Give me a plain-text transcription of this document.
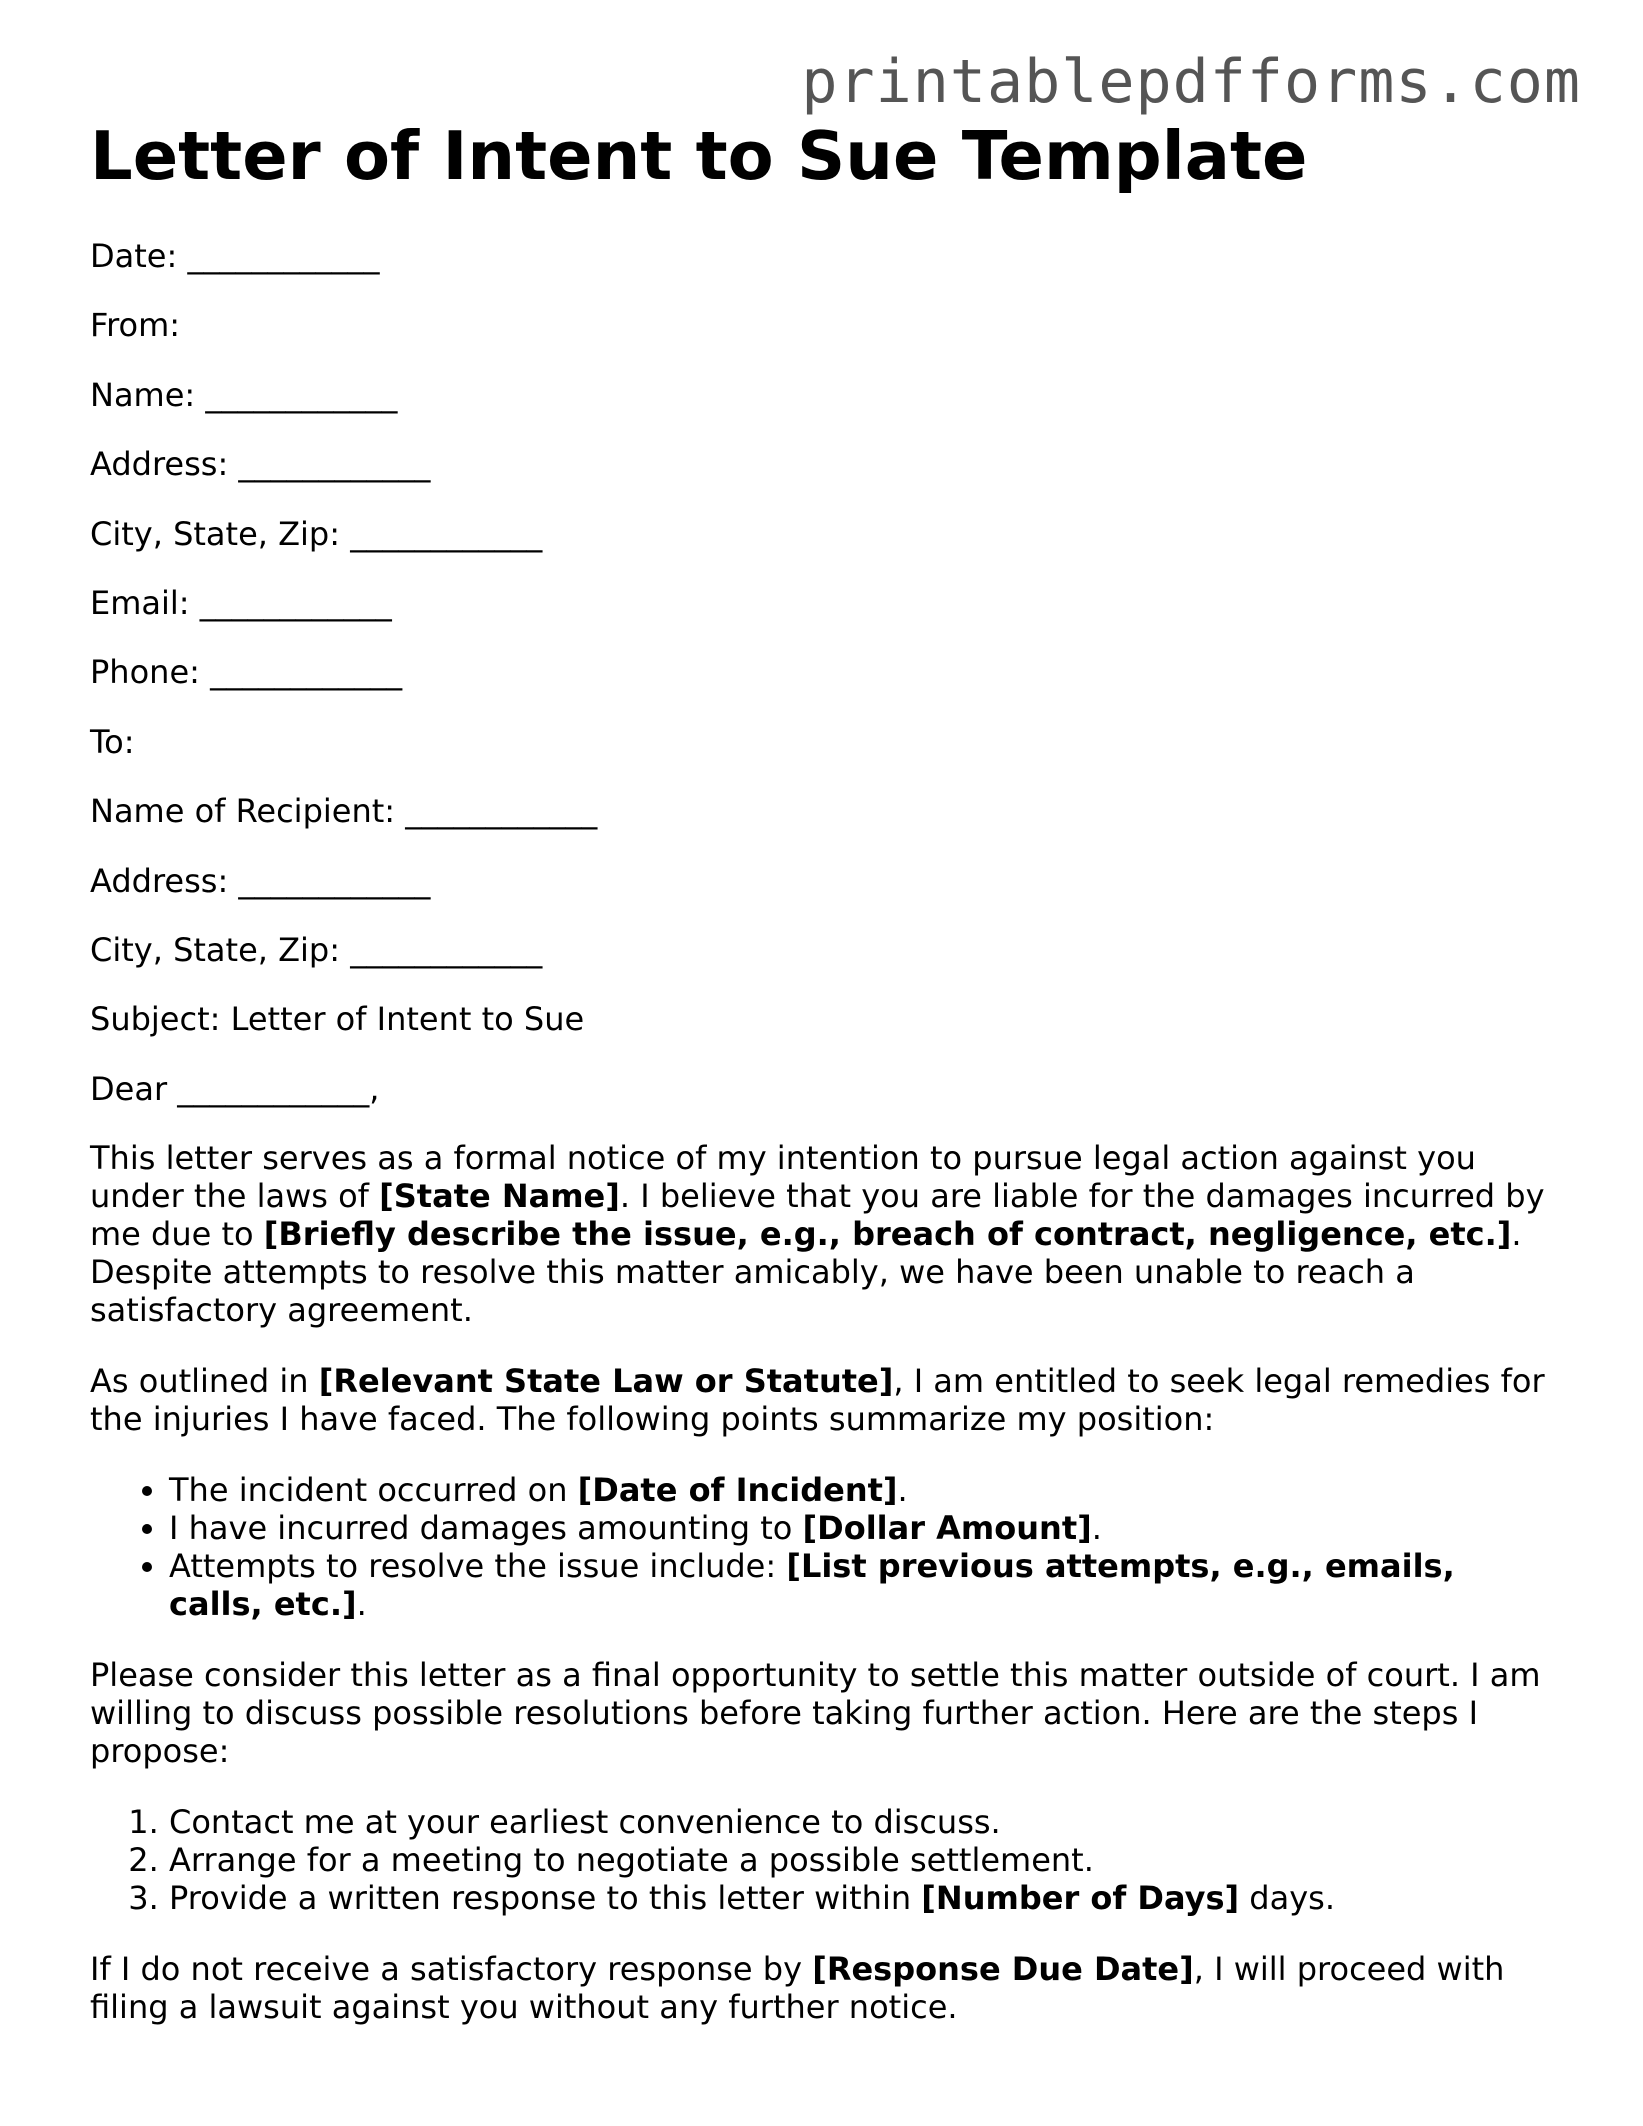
printablepdfforms.com
Letter of Intent to Sue Template
Date: ____________
From:
Name: ____________
Address: ____________
City, State, Zip: ____________
Email: ____________
Phone: ____________
To:
Name of Recipient: ____________
Address: ____________
City, State, Zip: ____________
Subject: Letter of Intent to Sue
Dear ____________,

This letter serves as a formal notice of my intention to pursue legal action against you under the laws of [State Name]. I believe that you are liable for the damages incurred by me due to [Briefly describe the issue, e.g., breach of contract, negligence, etc.]. Despite attempts to resolve this matter amicably, we have been unable to reach a satisfactory agreement.

As outlined in [Relevant State Law or Statute], I am entitled to seek legal remedies for the injuries I have faced. The following points summarize my position:

• The incident occurred on [Date of Incident].
• I have incurred damages amounting to [Dollar Amount].
• Attempts to resolve the issue include: [List previous attempts, e.g., emails, calls, etc.].

Please consider this letter as a final opportunity to settle this matter outside of court. I am willing to discuss possible resolutions before taking further action. Here are the steps I propose:

1. Contact me at your earliest convenience to discuss.
2. Arrange for a meeting to negotiate a possible settlement.
3. Provide a written response to this letter within [Number of Days] days.

If I do not receive a satisfactory response by [Response Due Date], I will proceed with filing a lawsuit against you without any further notice.
